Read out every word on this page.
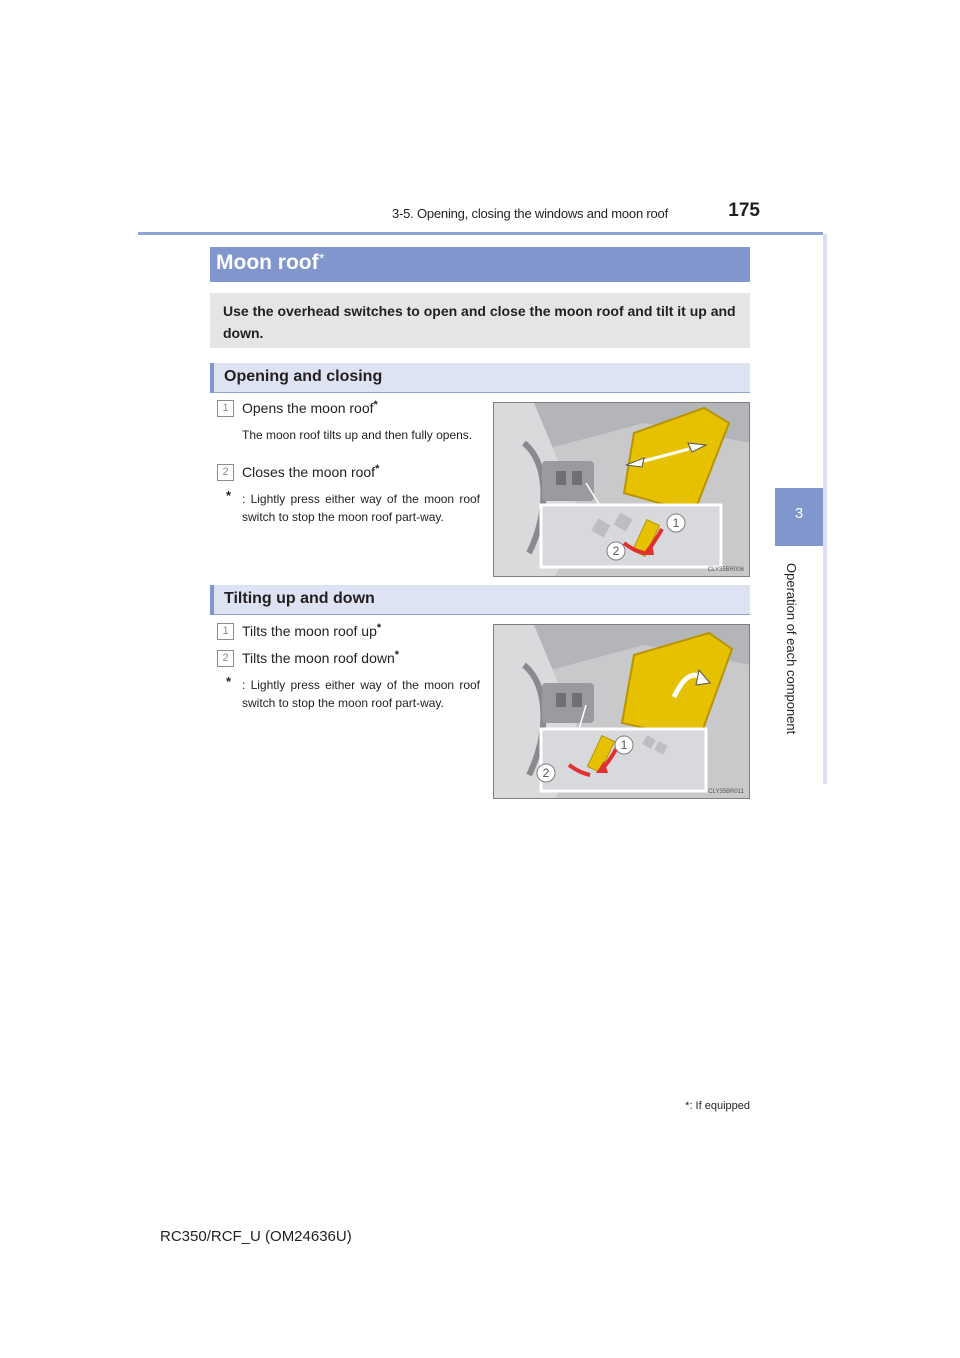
3-5. Opening, closing the windows and moon roof	175
3
Operation of each component
Moon roof *
Use the overhead switches to open and close the moon roof and tilt it up and down.
Opening and closing
1 Opens the moon roof*
The moon roof tilts up and then fully opens.
2 Closes the moon roof*
* : Lightly press either way of the moon roof switch to stop the moon roof part-way.	1
2
CLY35BR006
Tilting up and down
1 Tilts the moon roof up*
2 Tilts the moon roof down*
* : Lightly press either way of the moon roof switch to stop the moon roof part-way.
1
2
CLY35BR011
*: If equipped
RC350/RCF_U (OM24636U)
